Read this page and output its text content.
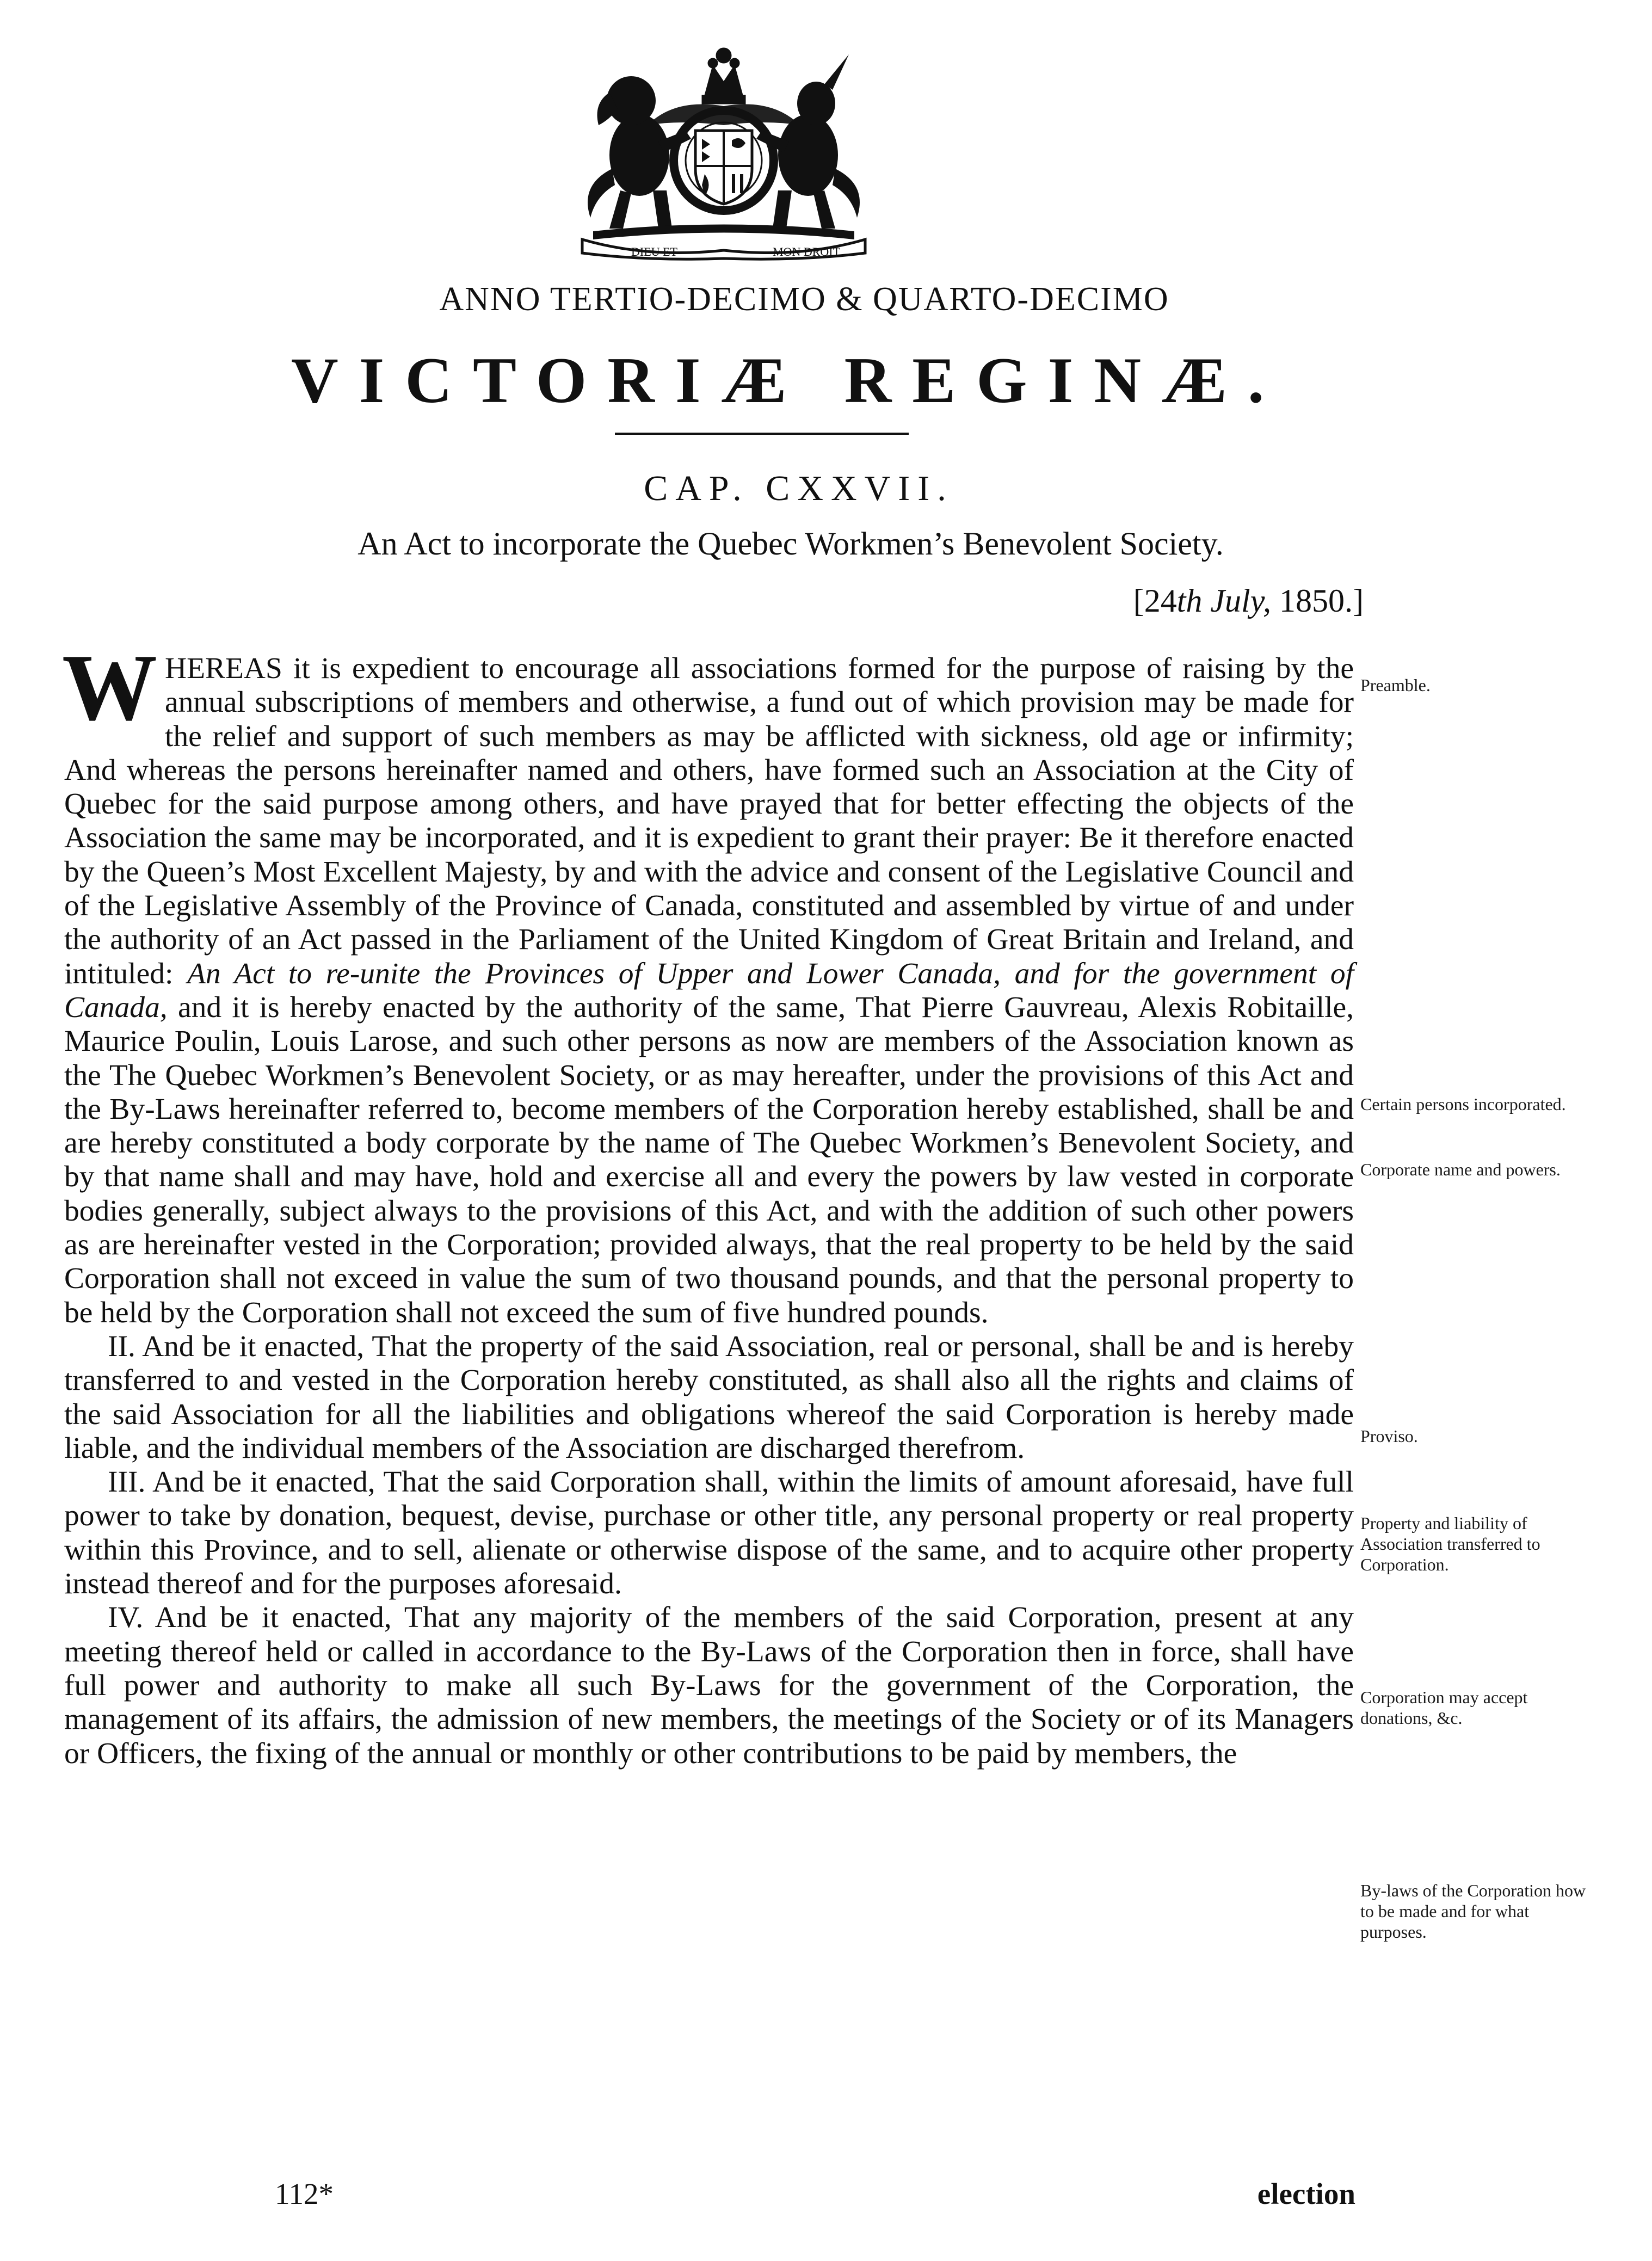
DIEU ET	MON DROIT
ANNO TERTIO-DECIMO & QUARTO-DECIMO
VICTORIÆ REGINÆ.
CAP. CXXVII.
An Act to incorporate the Quebec Workmen’s Benevolent Society.
[24th July, 1850.]

WHEREAS it is expedient to encourage all associations formed for the purpose of raising by the annual subscriptions of members and otherwise, a fund out of which provision may be made for the relief and support of such members as may be afflicted with sickness, old age or infirmity; And whereas the persons hereinafter named and others, have formed such an Association at the City of Quebec for the said purpose among others, and have prayed that for better effecting the objects of the Association the same may be incorporated, and it is expedient to grant their prayer: Be it therefore enacted by the Queen’s Most Excellent Majesty, by and with the advice and consent of the Legislative Council and of the Legislative Assembly of the Province of Canada, constituted and assembled by virtue of and under the authority of an Act passed in the Parliament of the United Kingdom of Great Britain and Ireland, and intituled: An Act to re-unite the Provinces of Upper and Lower Canada, and for the government of Canada, and it is hereby enacted by the authority of the same, That Pierre Gauvreau, Alexis Robitaille, Maurice Poulin, Louis Larose, and such other persons as now are members of the Association known as the The Quebec Workmen’s Benevolent Society, or as may hereafter, under the provisions of this Act and the By-Laws hereinafter referred to, become members of the Corporation hereby established, shall be and are hereby constituted a body corporate by the name of The Quebec Workmen’s Benevolent Society, and by that name shall and may have, hold and exercise all and every the powers by law vested in corporate bodies generally, subject always to the provisions of this Act, and with the addition of such other powers as are hereinafter vested in the Corporation; provided always, that the real property to be held by the said Corporation shall not exceed in value the sum of two thousand pounds, and that the personal property to be held by the Corporation shall not exceed the sum of five hundred pounds.

II. And be it enacted, That the property of the said Association, real or personal, shall be and is hereby transferred to and vested in the Corporation hereby constituted, as shall also all the rights and claims of the said Association for all the liabilities and obligations whereof the said Corporation is hereby made liable, and the individual members of the Association are discharged therefrom.

III. And be it enacted, That the said Corporation shall, within the limits of amount aforesaid, have full power to take by donation, bequest, devise, purchase or other title, any personal property or real property within this Province, and to sell, alienate or otherwise dispose of the same, and to acquire other property instead thereof and for the purposes aforesaid.

IV. And be it enacted, That any majority of the members of the said Corporation, present at any meeting thereof held or called in accordance to the By-Laws of the Corporation then in force, shall have full power and authority to make all such By-Laws for the government of the Corporation, the management of its affairs, the admission of new members, the meetings of the Society or of its Managers or Officers, the fixing of the annual or monthly or other contributions to be paid by members, the

Preamble.
Certain persons incorporated.
Corporate name and powers.
Proviso.
Property and liability of Association transferred to Corporation.
Corporation may accept donations, &c.
By-laws of the Corporation how to be made and for what purposes.
112*	election
